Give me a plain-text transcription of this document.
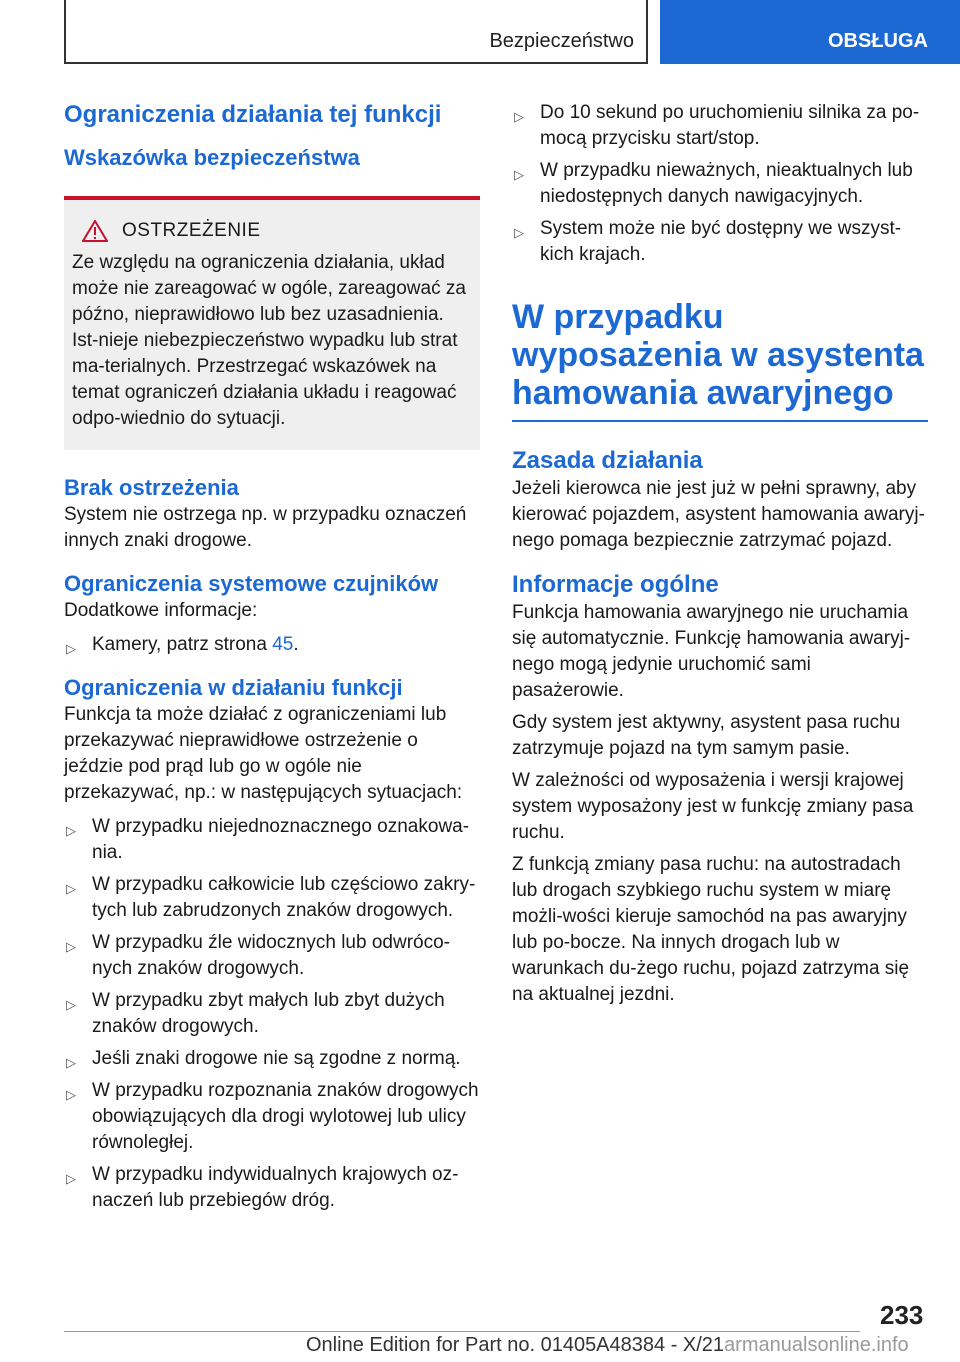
Bezpieczeństwo	OBSŁUGA
Ograniczenia działania tej funkcji
Wskazówka bezpieczeństwa
OSTRZEŻENIE

Ze względu na ograniczenia działania, układ może nie zareagować w ogóle, zareagować za późno, nieprawidłowo lub bez uzasadnienia. Ist-nieje niebezpieczeństwo wypadku lub strat ma-terialnych. Przestrzegać wskazówek na temat ograniczeń działania układu i reagować odpo-wiednio do sytuacji.

Brak ostrzeżenia

System nie ostrzega np. w przypadku oznaczeń innych znaki drogowe.

Ograniczenia systemowe czujników

Dodatkowe informacje:

▷ Kamery, patrz strona 45.
Ograniczenia w działaniu funkcji

Funkcja ta może działać z ograniczeniami lub przekazywać nieprawidłowe ostrzeżenie o jeździe pod prąd lub go w ogóle nie przekazywać, np.: w następujących sytuacjach:

▷ W przypadku niejednoznacznego oznakowa-nia.
▷ W przypadku całkowicie lub częściowo zakry-tych lub zabrudzonych znaków drogowych.
▷ W przypadku źle widocznych lub odwróco-nych znaków drogowych.
▷ W przypadku zbyt małych lub zbyt dużych znaków drogowych.
▷ Jeśli znaki drogowe nie są zgodne z normą.
▷ W przypadku rozpoznania znaków drogowych obowiązujących dla drogi wylotowej lub ulicy równoległej.
▷ W przypadku indywidualnych krajowych oz-naczeń lub przebiegów dróg.
▷ Do 10 sekund po uruchomieniu silnika za po-mocą przycisku start/stop.
▷ W przypadku nieważnych, nieaktualnych lub niedostępnych danych nawigacyjnych.
▷ System może nie być dostępny we wszyst-kich krajach.
W przypadku wyposażenia w asystenta hamowania awaryjnego
Zasada działania

Jeżeli kierowca nie jest już w pełni sprawny, aby kierować pojazdem, asystent hamowania awaryj-nego pomaga bezpiecznie zatrzymać pojazd.

Informacje ogólne

Funkcja hamowania awaryjnego nie uruchamia się automatycznie. Funkcję hamowania awaryj-nego mogą jedynie uruchomić sami pasażerowie.

Gdy system jest aktywny, asystent pasa ruchu zatrzymuje pojazd na tym samym pasie.

W zależności od wyposażenia i wersji krajowej system wyposażony jest w funkcję zmiany pasa ruchu.

Z funkcją zmiany pasa ruchu: na autostradach lub drogach szybkiego ruchu system w miarę możli-wości kieruje samochód na pas awaryjny lub po-bocze. Na innych drogach lub w warunkach du-żego ruchu, pojazd zatrzyma się na aktualnej jezdni.

233
Online Edition for Part no. 01405A48384 - X/21armanualsonline.info
